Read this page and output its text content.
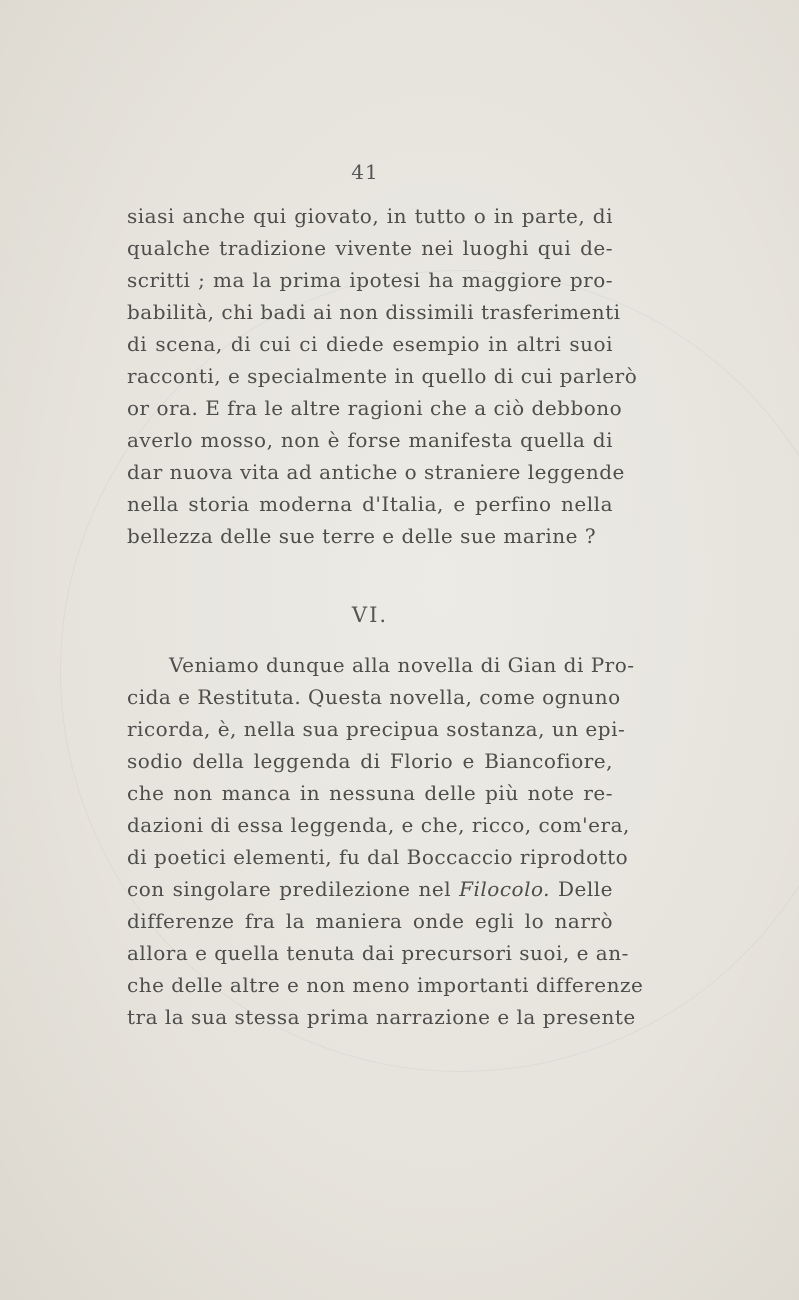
41
siasi anche qui giovato, in tutto o in parte, di
qualche tradizione vivente nei luoghi qui de-
scritti ; ma la prima ipotesi ha maggiore pro-
babilità, chi badi ai non dissimili trasferimenti
di scena, di cui ci diede esempio in altri suoi
racconti, e specialmente in quello di cui parlerò
or ora. E fra le altre ragioni che a ciò debbono
averlo mosso, non è forse manifesta quella di
dar nuova vita ad antiche o straniere leggende
nella storia moderna d'Italia, e perfino nella
bellezza delle sue terre e delle sue marine ?
VI.
Veniamo dunque alla novella di Gian di Pro-
cida e Restituta. Questa novella, come ognuno
ricorda, è, nella sua precipua sostanza, un epi-
sodio della leggenda di Florio e Biancofiore,
che non manca in nessuna delle più note re-
dazioni di essa leggenda, e che, ricco, com'era,
di poetici elementi, fu dal Boccaccio riprodotto
con singolare predilezione nel Filocolo. Delle
differenze fra la maniera onde egli lo narrò
allora e quella tenuta dai precursori suoi, e an-
che delle altre e non meno importanti differenze
tra la sua stessa prima narrazione e la presente
